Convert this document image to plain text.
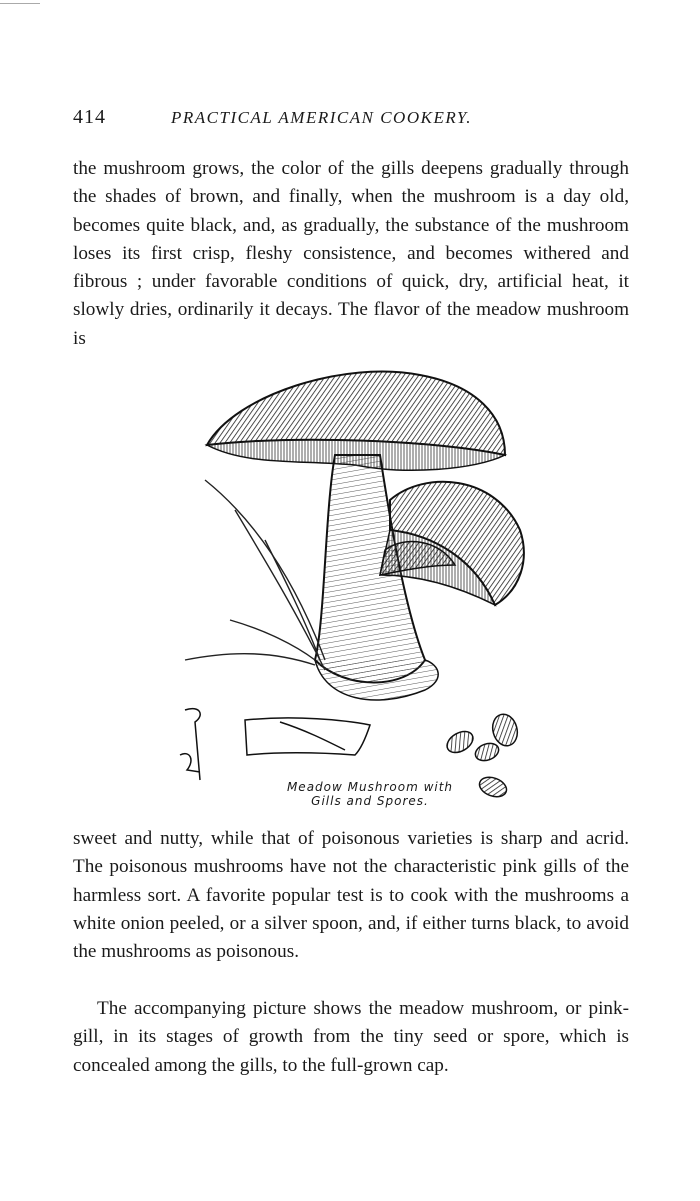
414	PRACTICAL AMERICAN COOKERY.

the mushroom grows, the color of the gills deepens gradually through the shades of brown, and finally, when the mushroom is a day old, becomes quite black, and, as gradually, the substance of the mushroom loses its first crisp, fleshy consistence, and becomes withered and fibrous ; under favorable conditions of quick, dry, artificial heat, it slowly dries, ordinarily it decays. The flavor of the meadow mushroom is

Meadow Mushroom with
Gills and Spores.

sweet and nutty, while that of poisonous varieties is sharp and acrid. The poisonous mushrooms have not the characteristic pink gills of the harmless sort. A favorite popular test is to cook with the mushrooms a white onion peeled, or a silver spoon, and, if either turns black, to avoid the mushrooms as poisonous.

The accompanying picture shows the meadow mushroom, or pink-gill, in its stages of growth from the tiny seed or spore, which is concealed among the gills, to the full-grown cap.
